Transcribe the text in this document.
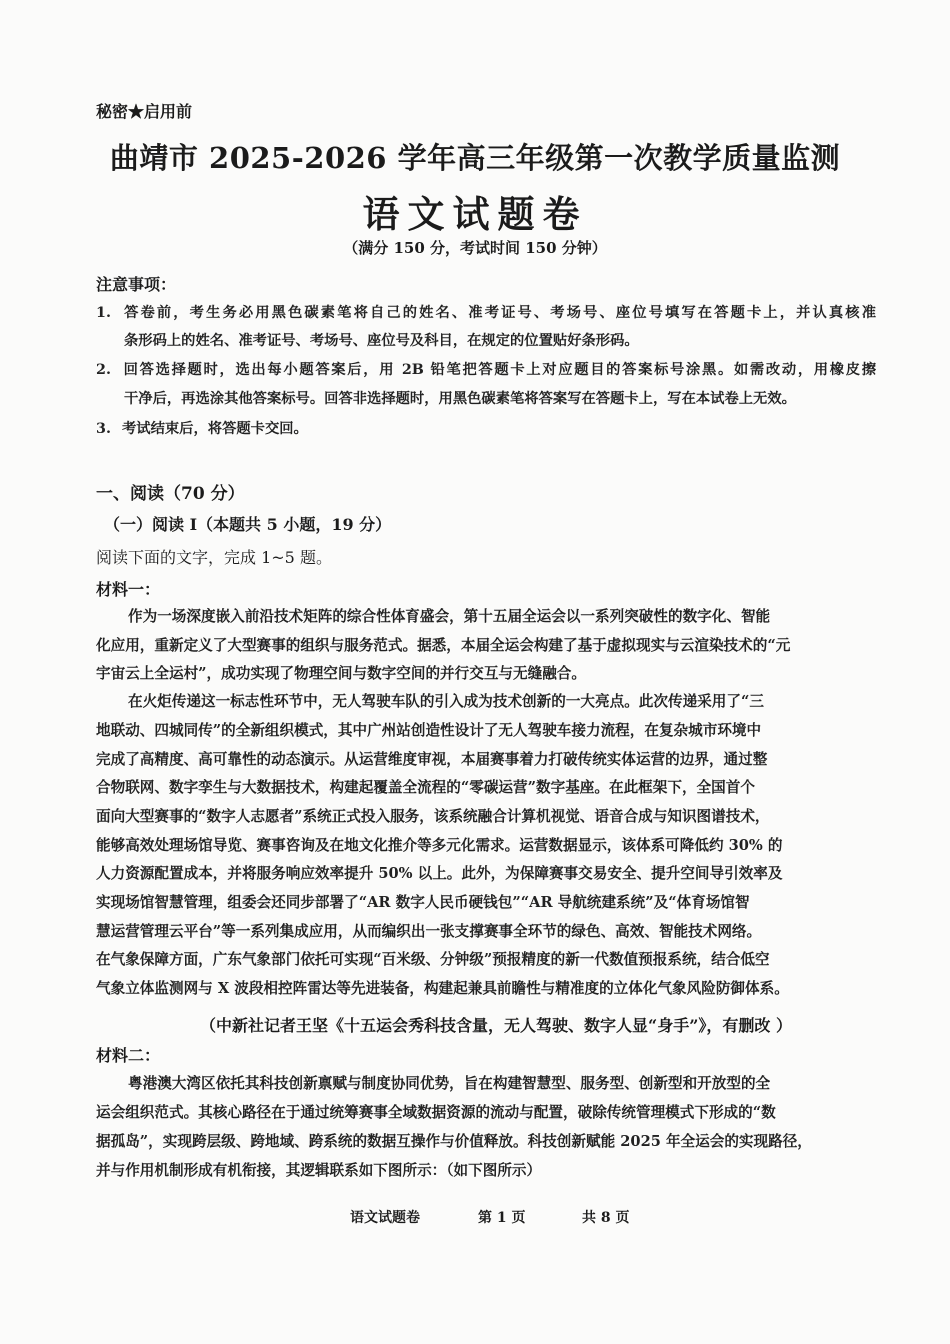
秘密★启用前
曲靖市 2025-2026 学年高三年级第一次教学质量监测
语文试题卷
（满分 150 分，考试时间 150 分钟）
注意事项：
1. 答卷前，考生务必用黑色碳素笔将自己的姓名、准考证号、考场号、座位号填写在答题卡上，并认真核准
条形码上的姓名、准考证号、考场号、座位号及科目，在规定的位置贴好条形码。
2. 回答选择题时，选出每小题答案后，用 2B 铅笔把答题卡上对应题目的答案标号涂黑。如需改动，用橡皮擦
干净后，再选涂其他答案标号。回答非选择题时，用黑色碳素笔将答案写在答题卡上，写在本试卷上无效。
3. 考试结束后，将答题卡交回。
一、阅读（70 分）
（一）阅读 I（本题共 5 小题，19 分）
阅读下面的文字，完成 1~5 题。
材料一：
作为一场深度嵌入前沿技术矩阵的综合性体育盛会，第十五届全运会以一系列突破性的数字化、智能
化应用，重新定义了大型赛事的组织与服务范式。据悉，本届全运会构建了基于虚拟现实与云渲染技术的“元
宇宙云上全运村”，成功实现了物理空间与数字空间的并行交互与无缝融合。
在火炬传递这一标志性环节中，无人驾驶车队的引入成为技术创新的一大亮点。此次传递采用了“三
地联动、四城同传”的全新组织模式，其中广州站创造性设计了无人驾驶车接力流程，在复杂城市环境中
完成了高精度、高可靠性的动态演示。从运营维度审视，本届赛事着力打破传统实体运营的边界，通过整
合物联网、数字孪生与大数据技术，构建起覆盖全流程的“零碳运营”数字基座。在此框架下，全国首个
面向大型赛事的“数字人志愿者”系统正式投入服务，该系统融合计算机视觉、语音合成与知识图谱技术，
能够高效处理场馆导览、赛事咨询及在地文化推介等多元化需求。运营数据显示，该体系可降低约 30% 的
人力资源配置成本，并将服务响应效率提升 50% 以上。此外，为保障赛事交易安全、提升空间导引效率及
实现场馆智慧管理，组委会还同步部署了“AR 数字人民币硬钱包”“AR 导航统建系统”及“体育场馆智
慧运营管理云平台”等一系列集成应用，从而编织出一张支撑赛事全环节的绿色、高效、智能技术网络。
在气象保障方面，广东气象部门依托可实现“百米级、分钟级”预报精度的新一代数值预报系统，结合低空
气象立体监测网与 X 波段相控阵雷达等先进装备，构建起兼具前瞻性与精准度的立体化气象风险防御体系。
（中新社记者王坚《十五运会秀科技含量，无人驾驶、数字人显“身手”》，有删改 ）
材料二：
粤港澳大湾区依托其科技创新禀赋与制度协同优势，旨在构建智慧型、服务型、创新型和开放型的全
运会组织范式。其核心路径在于通过统筹赛事全域数据资源的流动与配置，破除传统管理模式下形成的“数
据孤岛”，实现跨层级、跨地域、跨系统的数据互操作与价值释放。科技创新赋能 2025 年全运会的实现路径，
并与作用机制形成有机衔接，其逻辑联系如下图所示：（如下图所示）
语文试题卷	第 1 页	共 8 页
